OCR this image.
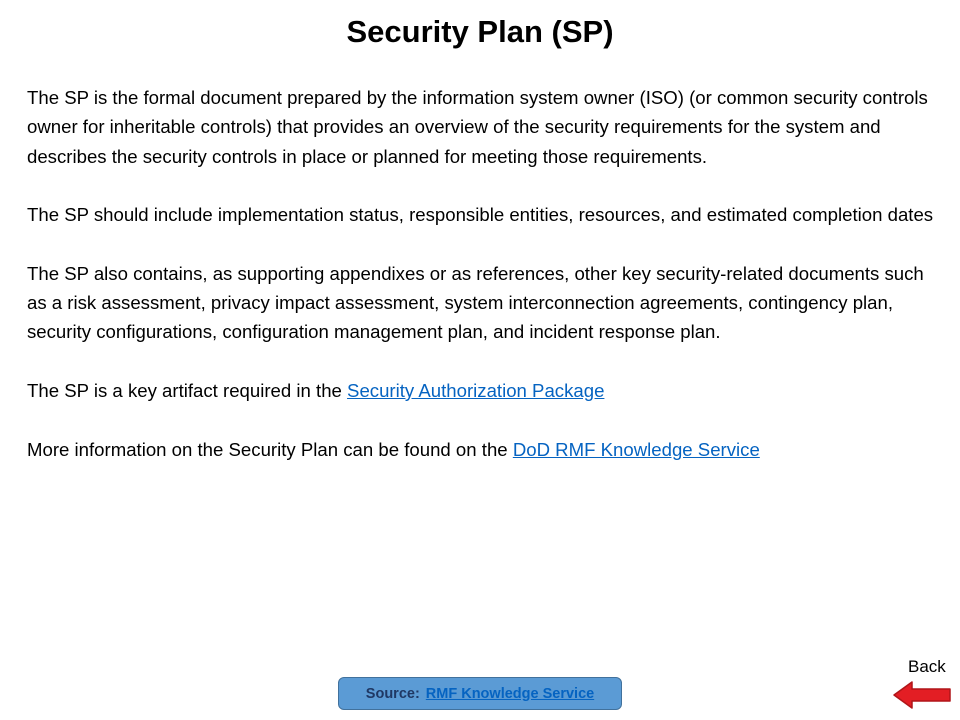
Security Plan (SP)

The SP is the formal document prepared by the information system owner (ISO) (or common security controls owner for inheritable controls) that provides an overview of the security requirements for the system and describes the security controls in place or planned for meeting those requirements.

The SP should include implementation status, responsible entities, resources, and estimated completion dates

The SP also contains, as supporting appendixes or as references, other key security-related documents such as a risk assessment, privacy impact assessment, system interconnection agreements, contingency plan, security configurations, configuration management plan, and incident response plan.

The SP is a key artifact required in the Security Authorization Package

More information on the Security Plan can be found on the DoD RMF Knowledge Service

Back
Source: RMF Knowledge Service
